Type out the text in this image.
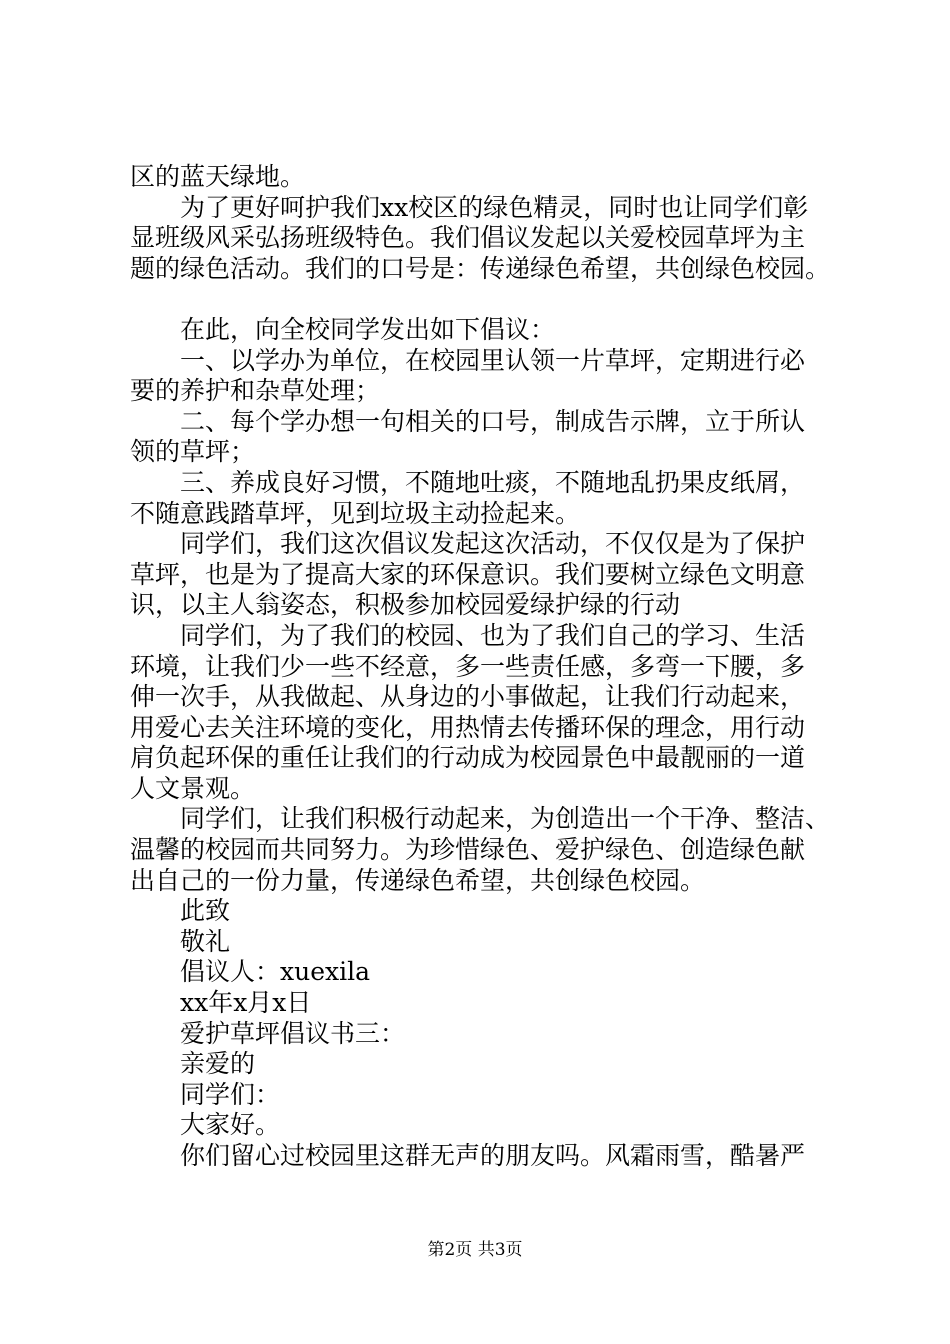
区的蓝天绿地。
为了更好呵护我们xx校区的绿色精灵，同时也让同学们彰
显班级风采弘扬班级特色。我们倡议发起以关爱校园草坪为主
题的绿色活动。我们的口号是：传递绿色希望，共创绿色校园。
在此，向全校同学发出如下倡议：
一、以学办为单位，在校园里认领一片草坪，定期进行必
要的养护和杂草处理；
二、每个学办想一句相关的口号，制成告示牌，立于所认
领的草坪；
三、养成良好习惯，不随地吐痰，不随地乱扔果皮纸屑，
不随意践踏草坪，见到垃圾主动捡起来。
同学们，我们这次倡议发起这次活动，不仅仅是为了保护
草坪，也是为了提高大家的环保意识。我们要树立绿色文明意
识，以主人翁姿态，积极参加校园爱绿护绿的行动
同学们，为了我们的校园、也为了我们自己的学习、生活
环境，让我们少一些不经意，多一些责任感，多弯一下腰，多
伸一次手，从我做起、从身边的小事做起，让我们行动起来，
用爱心去关注环境的变化，用热情去传播环保的理念，用行动
肩负起环保的重任让我们的行动成为校园景色中最靓丽的一道
人文景观。
同学们，让我们积极行动起来，为创造出一个干净、整洁、
温馨的校园而共同努力。为珍惜绿色、爱护绿色、创造绿色献
出自己的一份力量，传递绿色希望，共创绿色校园。
此致
敬礼
倡议人：xuexila
xx年x月x日
爱护草坪倡议书三：
亲爱的
同学们：
大家好。
你们留心过校园里这群无声的朋友吗。风霜雨雪，酷暑严
第2页 共3页
